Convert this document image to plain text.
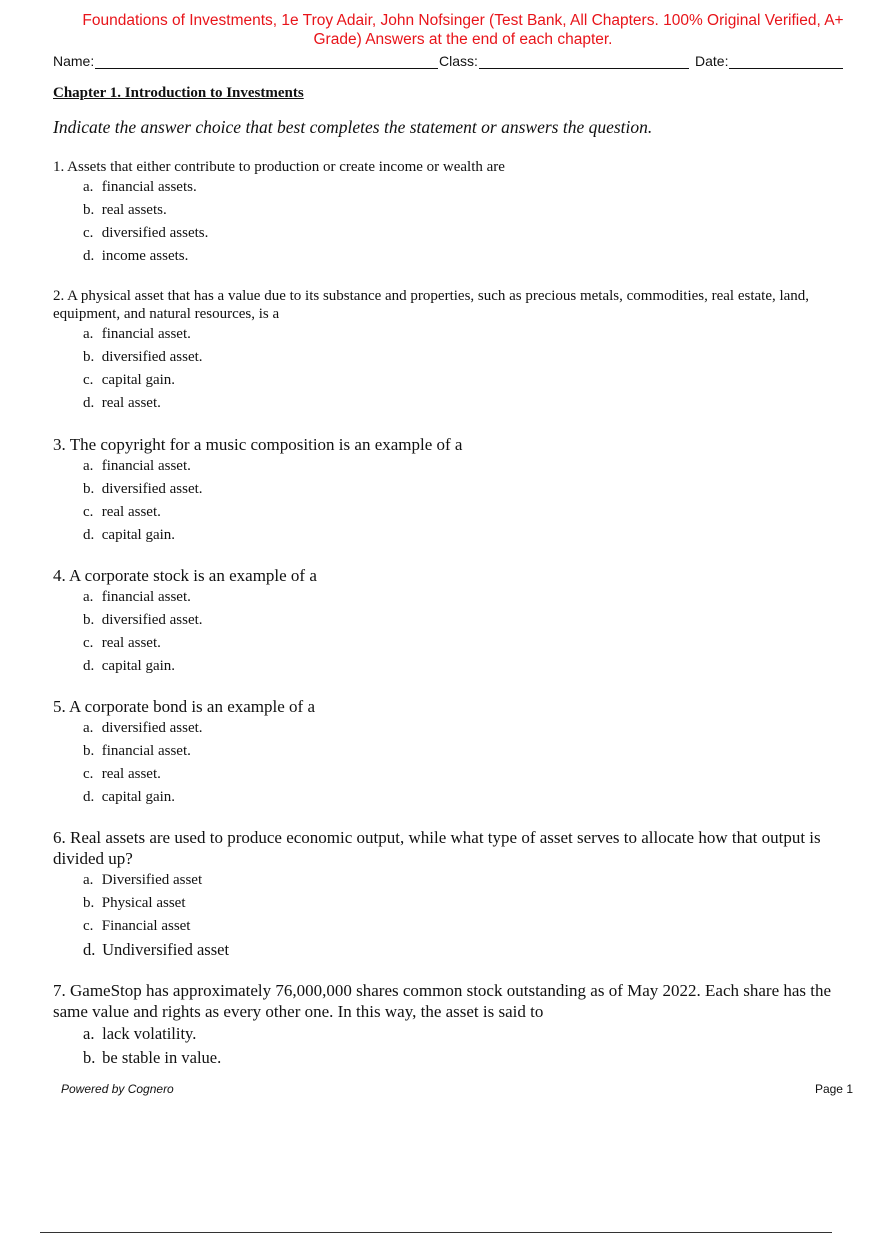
Foundations of Investments, 1e Troy Adair, John Nofsinger (Test Bank, All Chapters. 100% Original Verified, A+
Grade) Answers at the end of each chapter.
Name:	Class:	Date:
Chapter 1. Introduction to Investments
Indicate the answer choice that best completes the statement or answers the question.
1. Assets that either contribute to production or create income or wealth are
a. financial assets.
b. real assets.
c. diversified assets.
d. income assets.
2. A physical asset that has a value due to its substance and properties, such as precious metals, commodities, real estate, land, equipment, and natural resources, is a
a. financial asset.
b. diversified asset.
c. capital gain.
d. real asset.
3. The copyright for a music composition is an example of a
a. financial asset.
b. diversified asset.
c. real asset.
d. capital gain.
4. A corporate stock is an example of a
a. financial asset.
b. diversified asset.
c. real asset.
d. capital gain.
5. A corporate bond is an example of a
a. diversified asset.
b. financial asset.
c. real asset.
d. capital gain.
6. Real assets are used to produce economic output, while what type of asset serves to allocate how that output is divided up?
a. Diversified asset
b. Physical asset
c. Financial asset
d. Undiversified asset
7. GameStop has approximately 76,000,000 shares common stock outstanding as of May 2022. Each share has the same value and rights as every other one. In this way, the asset is said to
a. lack volatility.
b. be stable in value.
Powered by Cognero	Page 1
